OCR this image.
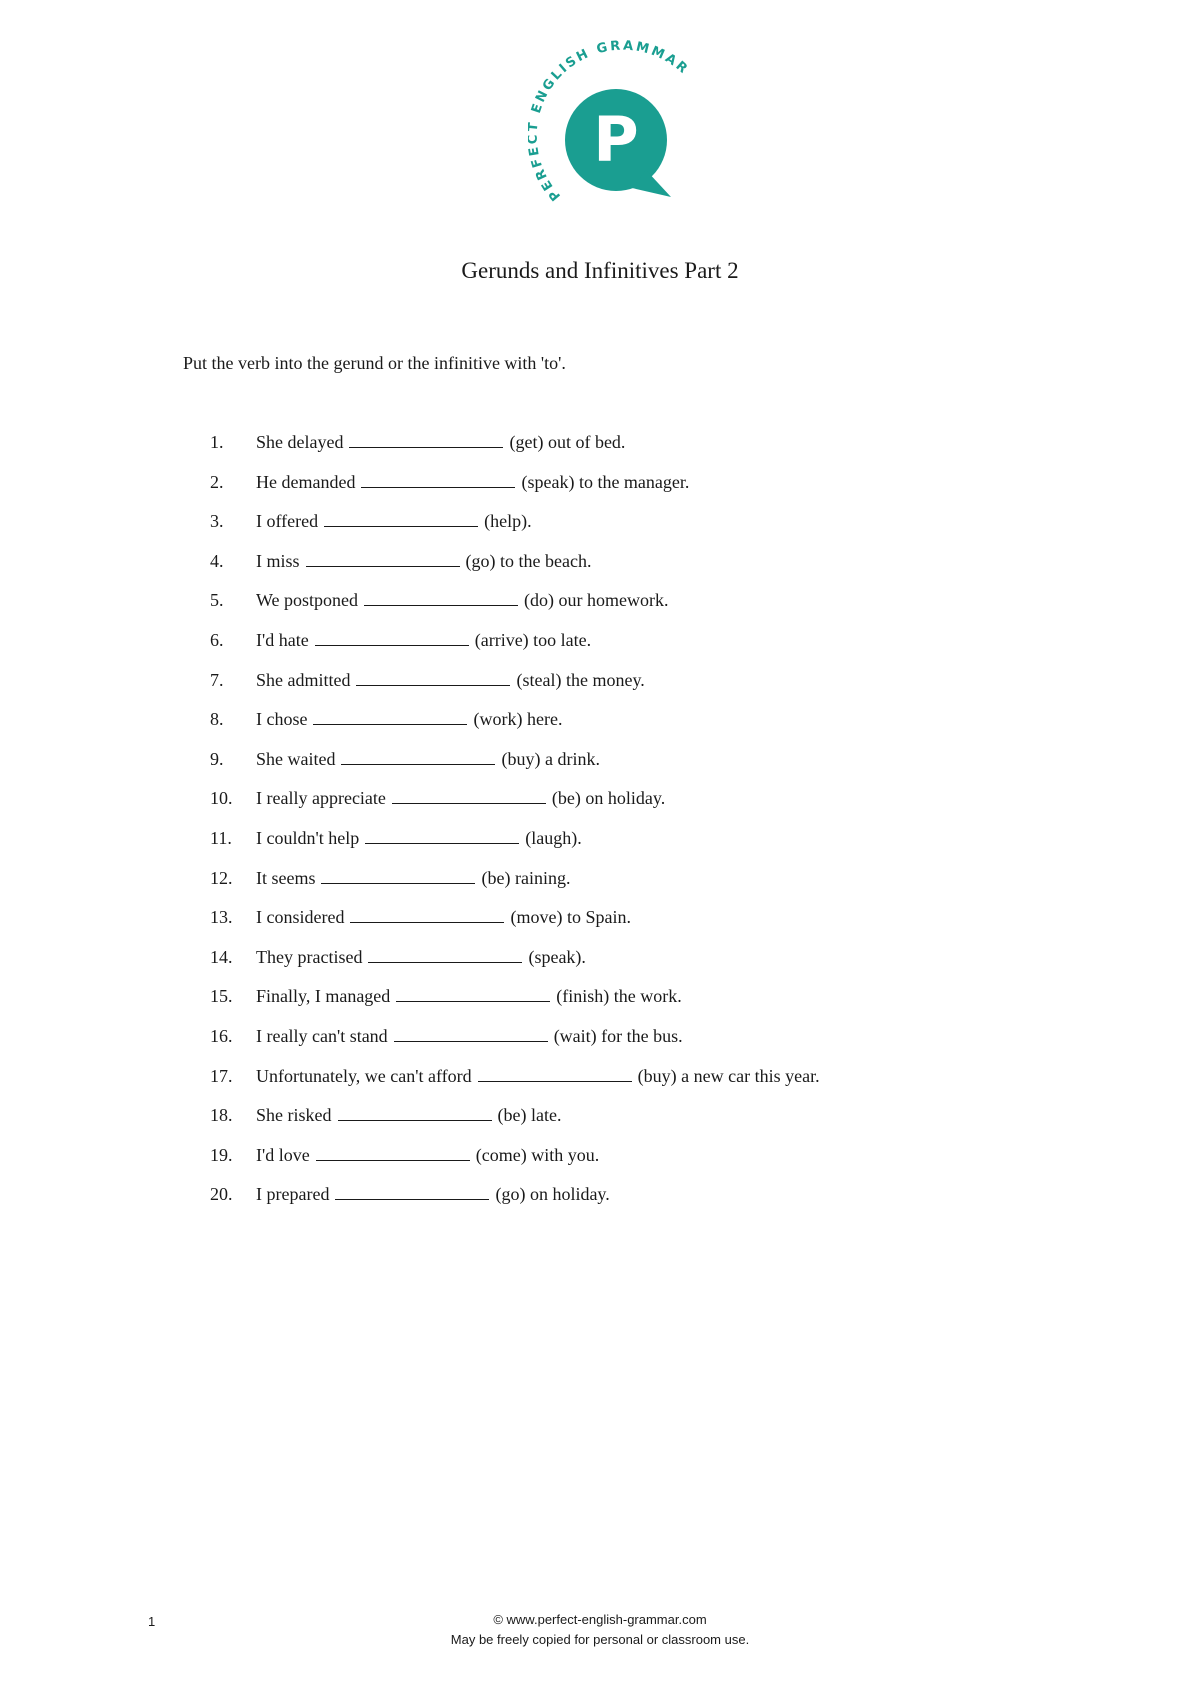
P
PERF ENGLISH GRAMMAR
Gerunds and Infinitives Part 2
Put the verb into the gerund or the infinitive with 'to'.
1.	She delayed	(get) out of bed.
2.	He demanded	(speak) to the manager.
3.	I offered	(help).
4.	I miss	(go) to the beach.
5.	We postponed	(do) our homework.
6.	I'd hate	(arrive) too late.
7.	She admitted	(steal) the money.
8.	I chose	(work) here.
9.	She waited	(buy) a drink.
10.	I really appreciate	(be) on holiday.
11.	I couldn't help	(laugh).
12.	It seems	(be) raining.
13.	I considered	(move) to Spain.
14.	They practised	(speak).
15.	Finally, I managed	(finish) the work.
16.	I really can't stand	(wait) for the bus.
17.	Unfortunately, we can't afford	(buy) a new car this year.
18.	She risked	(be) late.
19.	I'd love	(come) with you.
20.	I prepared	(go) on holiday.
1	© www.perfect-english-grammar.com
May be freely copied for personal or classroom use.
